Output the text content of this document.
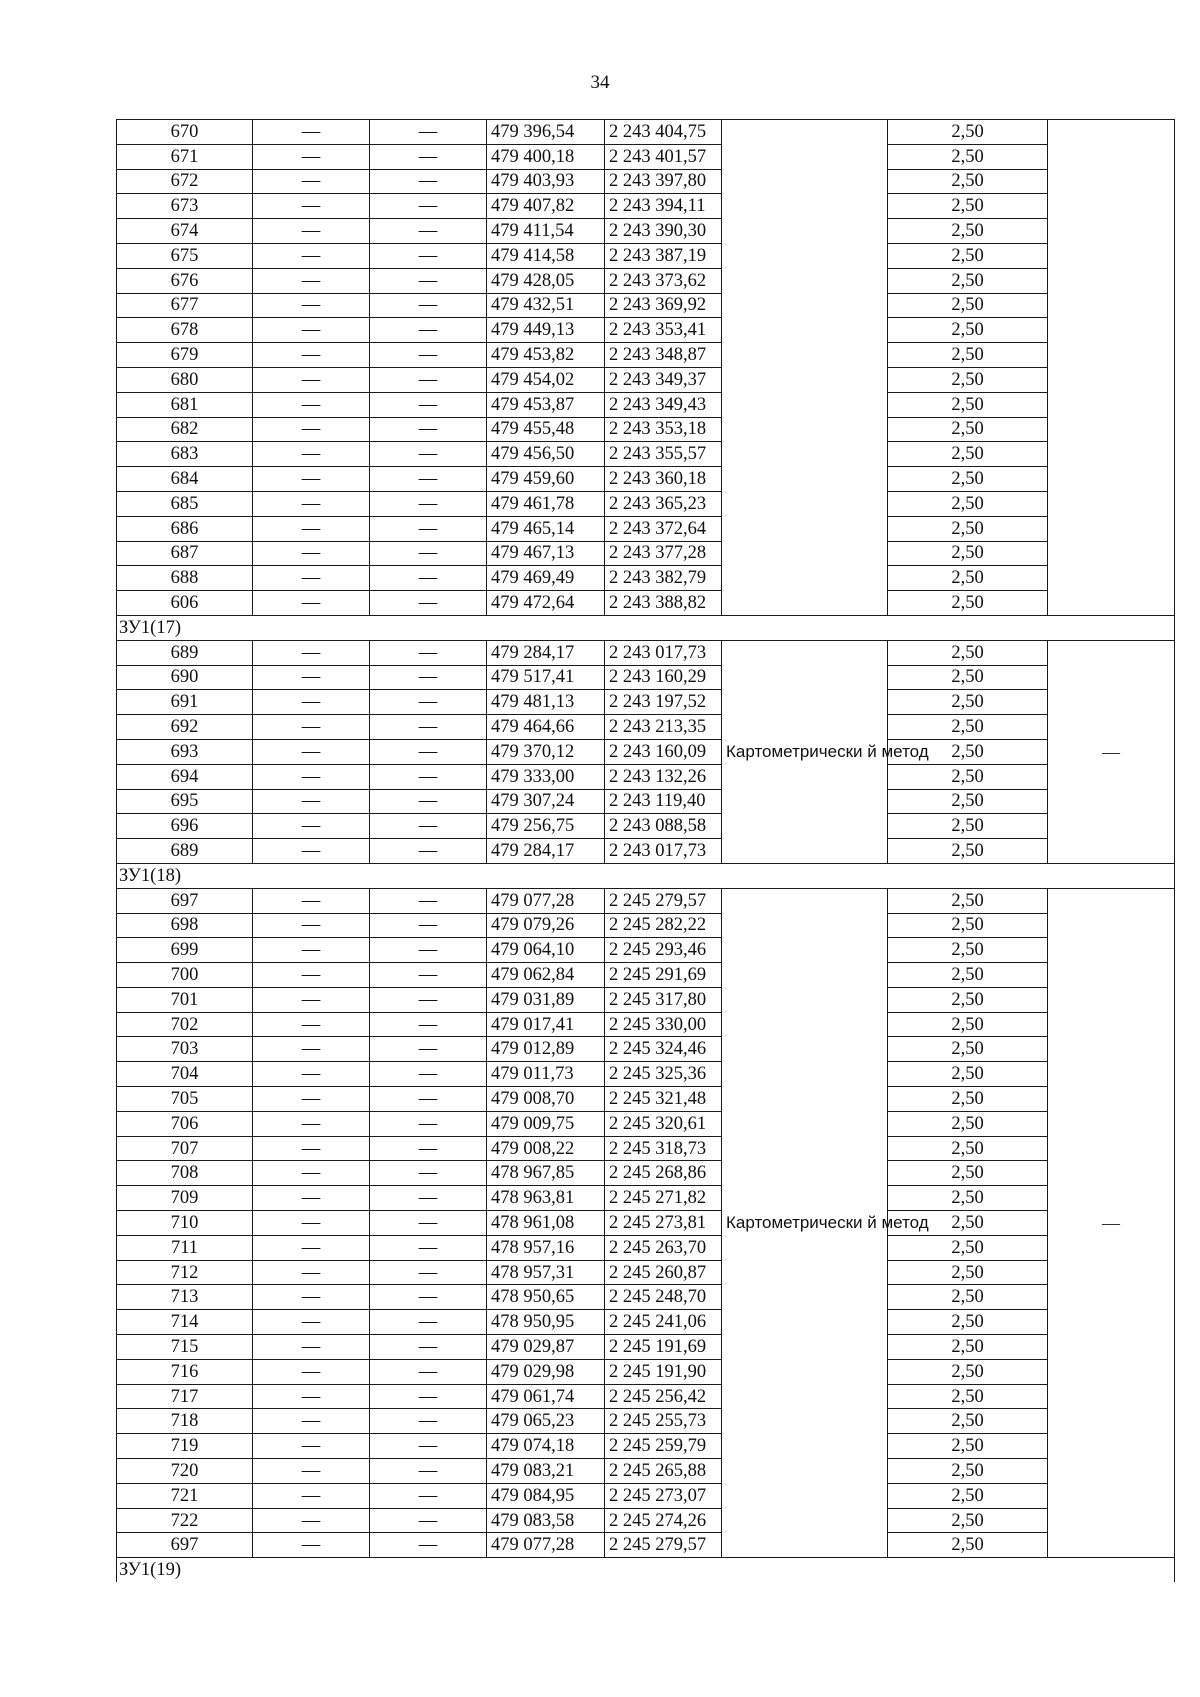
34
670	—	—	479 396,54	2 243 404,75		2,50	
671	—	—	479 400,18	2 243 401,57		2,50	
672	—	—	479 403,93	2 243 397,80		2,50	
673	—	—	479 407,82	2 243 394,11		2,50	
674	—	—	479 411,54	2 243 390,30		2,50	
675	—	—	479 414,58	2 243 387,19		2,50	
676	—	—	479 428,05	2 243 373,62		2,50	
677	—	—	479 432,51	2 243 369,92		2,50	
678	—	—	479 449,13	2 243 353,41		2,50	
679	—	—	479 453,82	2 243 348,87		2,50	
680	—	—	479 454,02	2 243 349,37		2,50	
681	—	—	479 453,87	2 243 349,43		2,50	
682	—	—	479 455,48	2 243 353,18		2,50	
683	—	—	479 456,50	2 243 355,57		2,50	
684	—	—	479 459,60	2 243 360,18		2,50	
685	—	—	479 461,78	2 243 365,23		2,50	
686	—	—	479 465,14	2 243 372,64		2,50	
687	—	—	479 467,13	2 243 377,28		2,50	
688	—	—	479 469,49	2 243 382,79		2,50	
606	—	—	479 472,64	2 243 388,82		2,50	
ЗУ1(17)							
689	—	—	479 284,17	2 243 017,73	Картометрически й метод	2,50	—
690	—	—	479 517,41	2 243 160,29		2,50	
691	—	—	479 481,13	2 243 197,52		2,50	
692	—	—	479 464,66	2 243 213,35		2,50	
693	—	—	479 370,12	2 243 160,09		2,50	
694	—	—	479 333,00	2 243 132,26		2,50	
695	—	—	479 307,24	2 243 119,40		2,50	
696	—	—	479 256,75	2 243 088,58		2,50	
689	—	—	479 284,17	2 243 017,73		2,50	
ЗУ1(18)							
697	—	—	479 077,28	2 245 279,57	Картометрически й метод	2,50	—
698	—	—	479 079,26	2 245 282,22		2,50	
699	—	—	479 064,10	2 245 293,46		2,50	
700	—	—	479 062,84	2 245 291,69		2,50	
701	—	—	479 031,89	2 245 317,80		2,50	
702	—	—	479 017,41	2 245 330,00		2,50	
703	—	—	479 012,89	2 245 324,46		2,50	
704	—	—	479 011,73	2 245 325,36		2,50	
705	—	—	479 008,70	2 245 321,48		2,50	
706	—	—	479 009,75	2 245 320,61		2,50	
707	—	—	479 008,22	2 245 318,73		2,50	
708	—	—	478 967,85	2 245 268,86		2,50	
709	—	—	478 963,81	2 245 271,82		2,50	
710	—	—	478 961,08	2 245 273,81		2,50	
711	—	—	478 957,16	2 245 263,70		2,50	
712	—	—	478 957,31	2 245 260,87		2,50	
713	—	—	478 950,65	2 245 248,70		2,50	
714	—	—	478 950,95	2 245 241,06		2,50	
715	—	—	479 029,87	2 245 191,69		2,50	
716	—	—	479 029,98	2 245 191,90		2,50	
717	—	—	479 061,74	2 245 256,42		2,50	
718	—	—	479 065,23	2 245 255,73		2,50	
719	—	—	479 074,18	2 245 259,79		2,50	
720	—	—	479 083,21	2 245 265,88		2,50	
721	—	—	479 084,95	2 245 273,07		2,50	
722	—	—	479 083,58	2 245 274,26		2,50	
697	—	—	479 077,28	2 245 279,57		2,50	
ЗУ1(19)							
